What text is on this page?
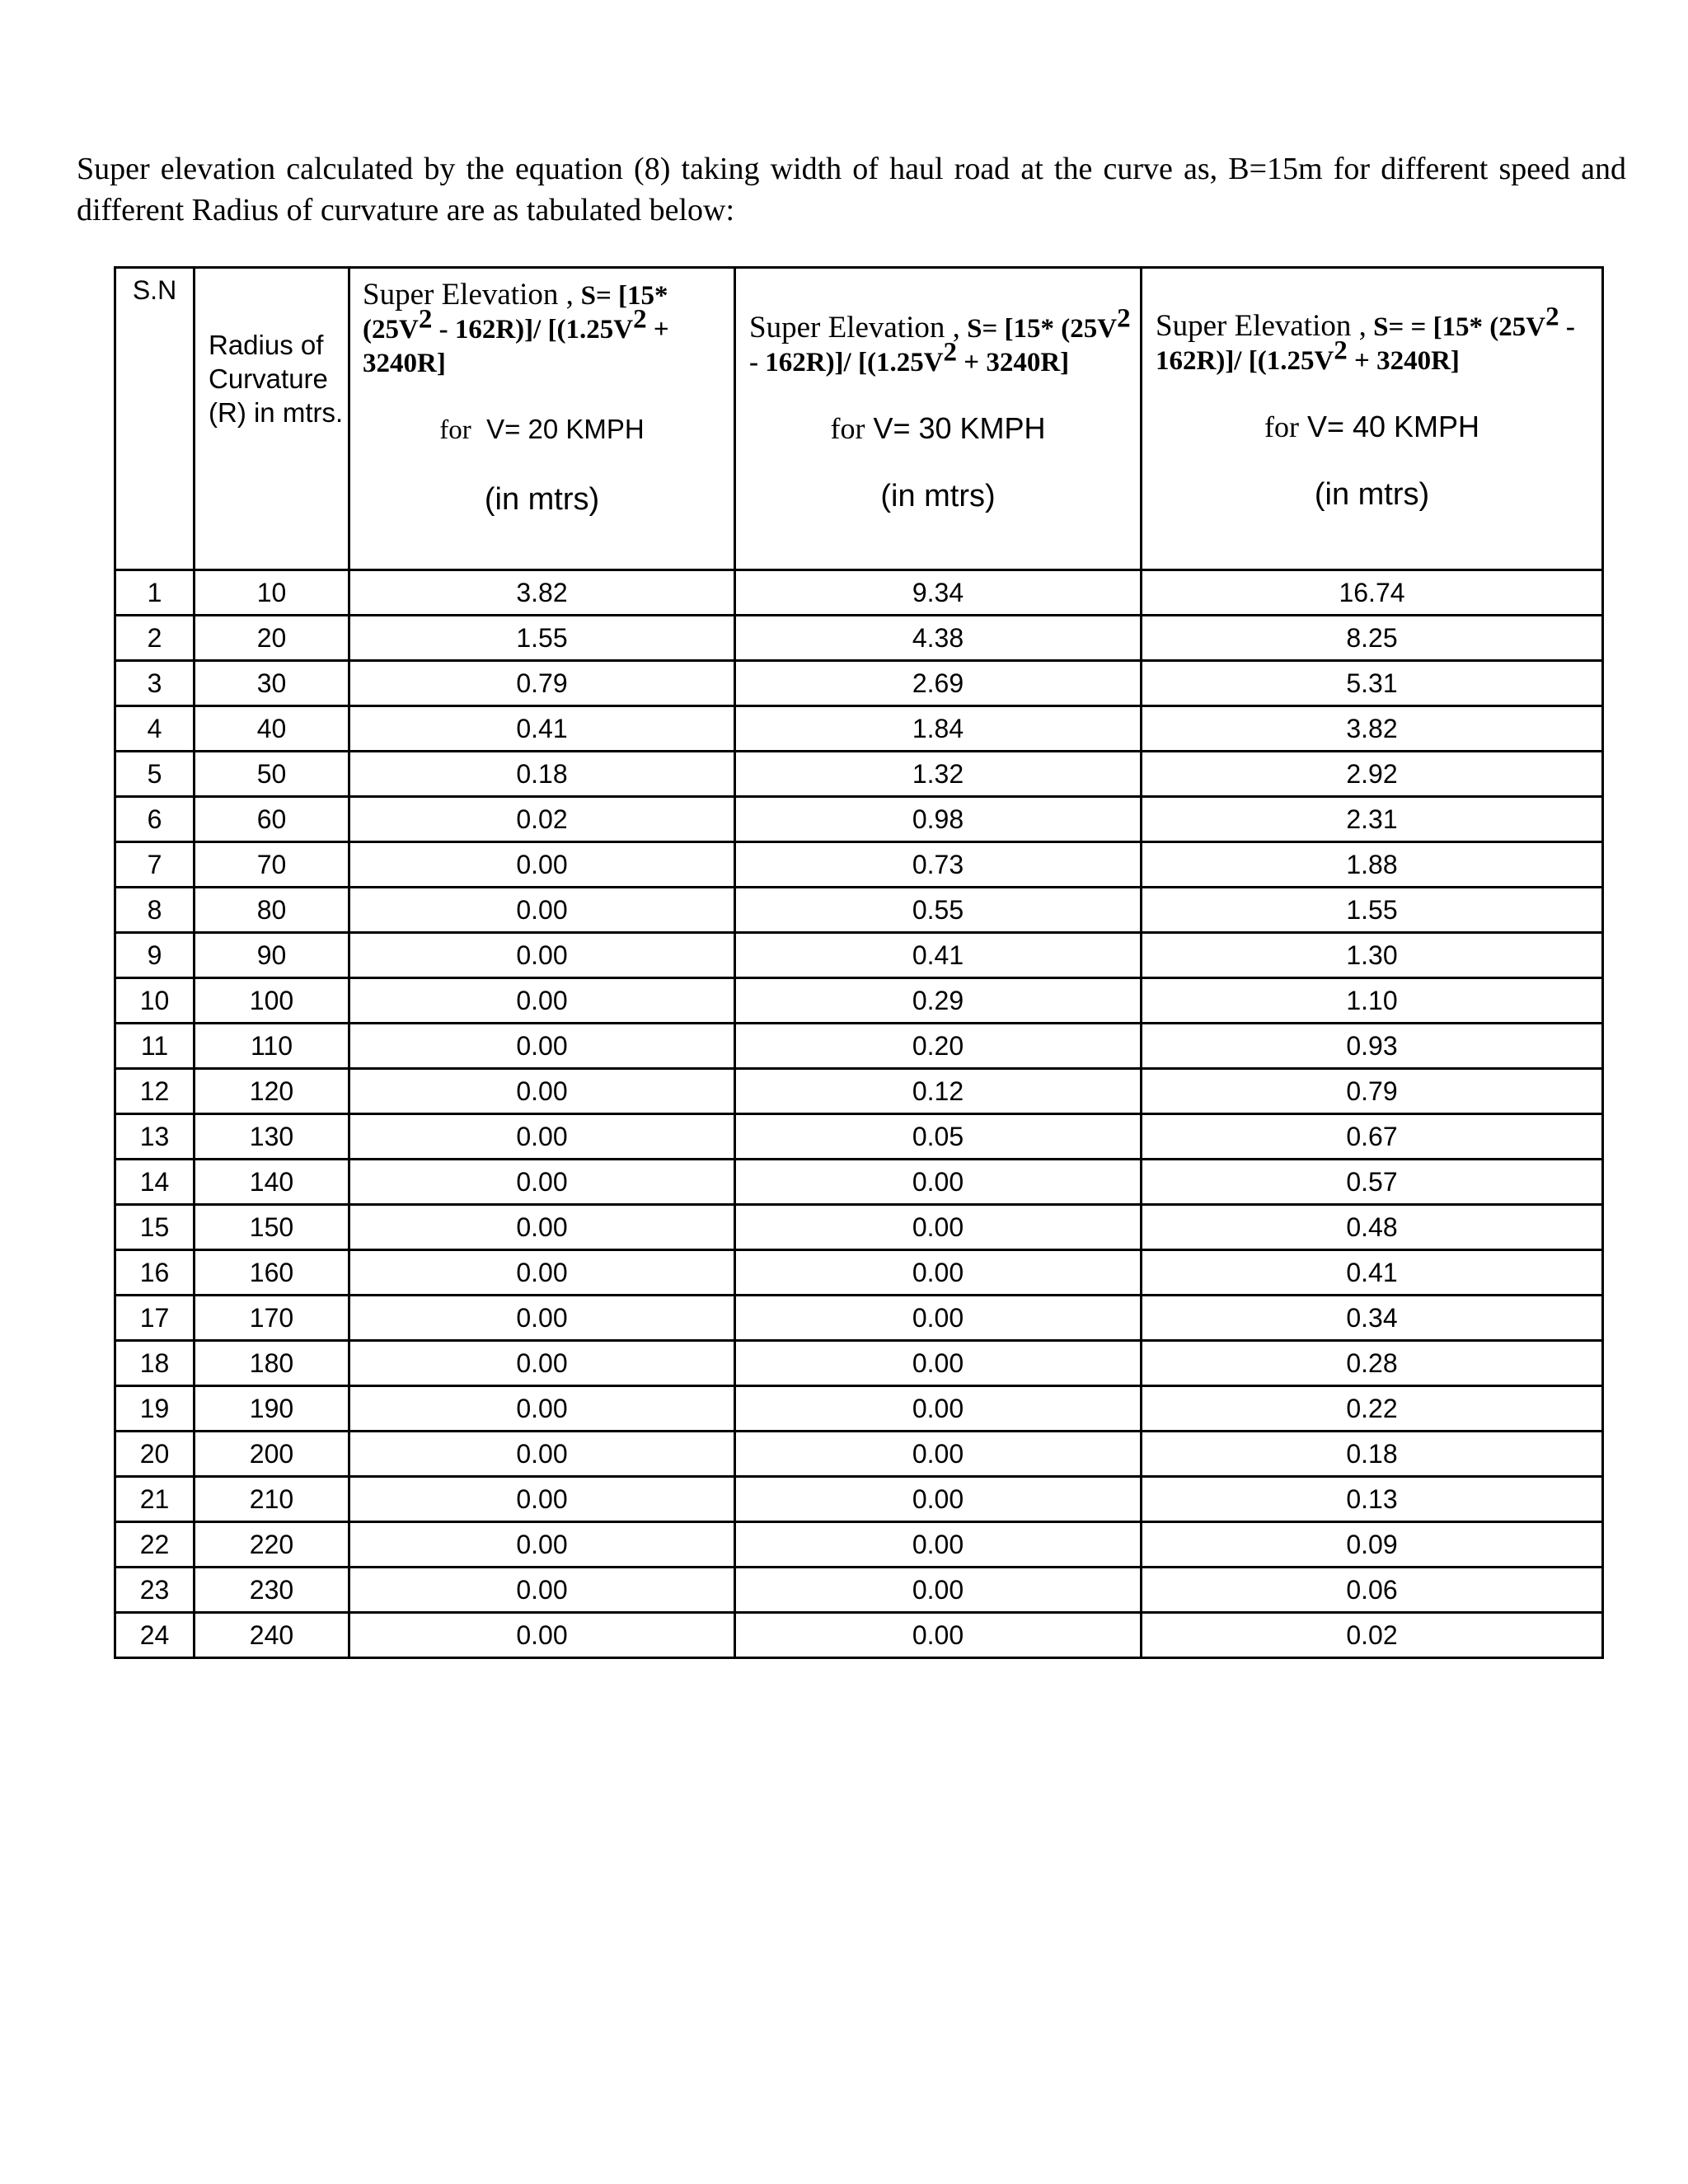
Super elevation calculated by the equation (8) taking width of haul road at the curve as, B=15m for different speed and different Radius of curvature are as tabulated below:

S.N	Radius of Curvature (R) in mtrs.	Super Elevation , S= [15*
$(25V^2 - 162R)]/$ [($1.25V^2$ +
3240R]
for V= 20 KMPH
(in mtrs)	Super Elevation , S= [15* ($25V^2$
- 162R)]/ [$(1.25V^2 + 3240R]$
for V= 30 KMPH
(in mtrs)	Super Elevation , S= = [15* ($25V^2$ -
162R)]/ [$(1.25V^2 + 3240R]$
for V= 40 KMPH
(in mtrs)

1	10	3.82	9.34	16.74
2	20	1.55	4.38	8.25
3	30	0.79	2.69	5.31
4	40	0.41	1.84	3.82
5	50	0.18	1.32	2.92
6	60	0.02	0.98	2.31
7	70	0.00	0.73	1.88
8	80	0.00	0.55	1.55
9	90	0.00	0.41	1.30
10	100	0.00	0.29	1.10
11	110	0.00	0.20	0.93
12	120	0.00	0.12	0.79
13	130	0.00	0.05	0.67
14	140	0.00	0.00	0.57
15	150	0.00	0.00	0.48
16	160	0.00	0.00	0.41
17	170	0.00	0.00	0.34
18	180	0.00	0.00	0.28
19	190	0.00	0.00	0.22
20	200	0.00	0.00	0.18
21	210	0.00	0.00	0.13
22	220	0.00	0.00	0.09
23	230	0.00	0.00	0.06
24	240	0.00	0.00	0.02
